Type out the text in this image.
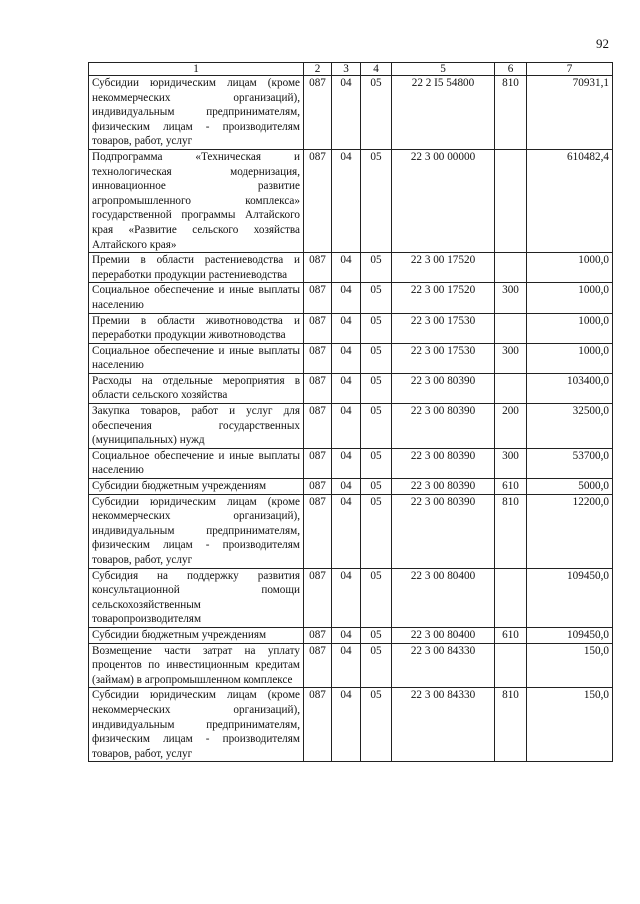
92
1	2	3	4	5	6	7
Субсидии юридическим лицам (кроме некоммерческих организаций), индивидуальным предпринимателям, физическим лицам - производителям товаров, работ, услуг	087	04	05	22 2 I5 54800	810	70931,1
Подпрограмма «Техническая и технологическая модернизация, инновационное развитие агропромышленного комплекса» государственной программы Алтайского края «Развитие сельского хозяйства Алтайского края»	087	04	05	22 3 00 00000		610482,4
Премии в области растениеводства и переработки продукции растениеводства	087	04	05	22 3 00 17520		1000,0
Социальное обеспечение и иные выплаты населению	087	04	05	22 3 00 17520	300	1000,0
Премии в области животноводства и переработки продукции животноводства	087	04	05	22 3 00 17530		1000,0
Социальное обеспечение и иные выплаты населению	087	04	05	22 3 00 17530	300	1000,0
Расходы на отдельные мероприятия в области сельского хозяйства	087	04	05	22 3 00 80390		103400,0
Закупка товаров, работ и услуг для обеспечения государственных (муниципальных) нужд	087	04	05	22 3 00 80390	200	32500,0
Социальное обеспечение и иные выплаты населению	087	04	05	22 3 00 80390	300	53700,0
Субсидии бюджетным учреждениям	087	04	05	22 3 00 80390	610	5000,0
Субсидии юридическим лицам (кроме некоммерческих организаций), индивидуальным предпринимателям, физическим лицам - производителям товаров, работ, услуг	087	04	05	22 3 00 80390	810	12200,0
Субсидия на поддержку развития консультационной помощи сельскохозяйственным товаропроизводителям	087	04	05	22 3 00 80400		109450,0
Субсидии бюджетным учреждениям	087	04	05	22 3 00 80400	610	109450,0
Возмещение части затрат на уплату процентов по инвестиционным кредитам (займам) в агропромышленном комплексе	087	04	05	22 3 00 84330		150,0
Субсидии юридическим лицам (кроме некоммерческих организаций), индивидуальным предпринимателям, физическим лицам - производителям товаров, работ, услуг	087	04	05	22 3 00 84330	810	150,0
